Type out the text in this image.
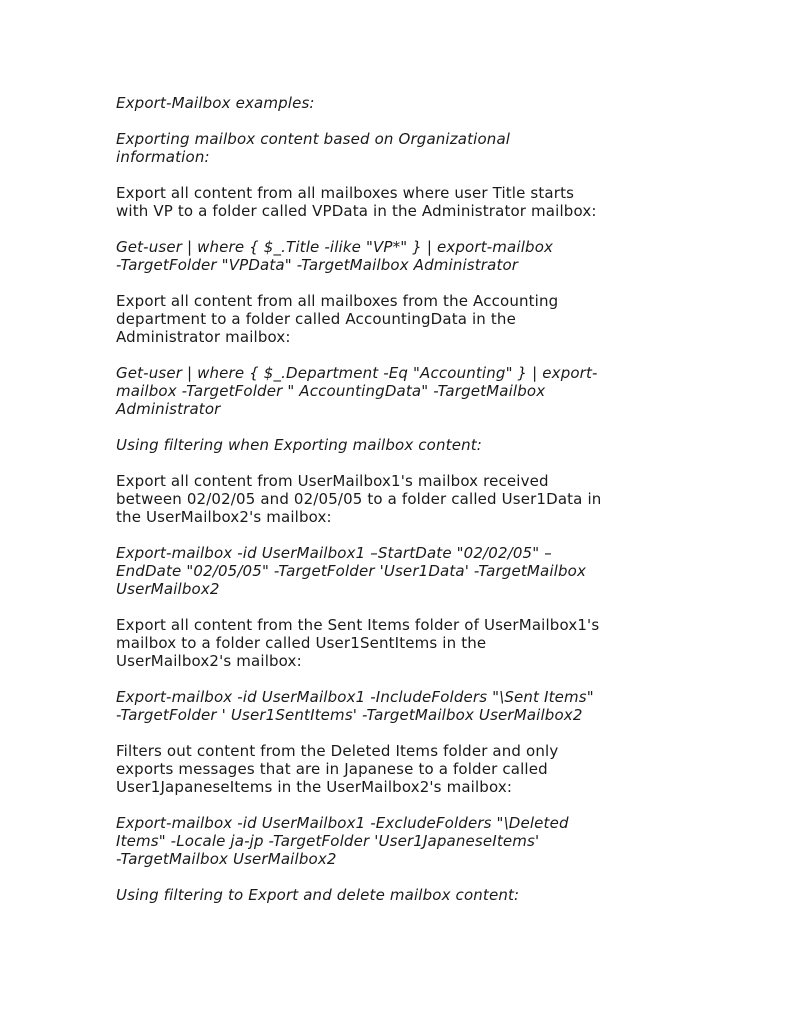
Export-Mailbox examples:

Exporting mailbox content based on Organizational
information:

Export all content from all mailboxes where user Title starts
with VP to a folder called VPData in the Administrator mailbox:

Get-user | where { $_.Title -ilike "VP*" } | export-mailbox
-TargetFolder "VPData" -TargetMailbox Administrator

Export all content from all mailboxes from the Accounting
department to a folder called AccountingData in the
Administrator mailbox:

Get-user | where { $_.Department -Eq "Accounting" } | export-
mailbox -TargetFolder " AccountingData" -TargetMailbox
Administrator

Using filtering when Exporting mailbox content:

Export all content from UserMailbox1's mailbox received
between 02/02/05 and 02/05/05 to a folder called User1Data in
the UserMailbox2's mailbox:

Export-mailbox -id UserMailbox1 –StartDate "02/02/05" –
EndDate "02/05/05" -TargetFolder 'User1Data' -TargetMailbox
UserMailbox2

Export all content from the Sent Items folder of UserMailbox1's
mailbox to a folder called User1SentItems in the
UserMailbox2's mailbox:

Export-mailbox -id UserMailbox1 -IncludeFolders "\Sent Items"
-TargetFolder ' User1SentItems' -TargetMailbox UserMailbox2

Filters out content from the Deleted Items folder and only
exports messages that are in Japanese to a folder called
User1JapaneseItems in the UserMailbox2's mailbox:

Export-mailbox -id UserMailbox1 -ExcludeFolders "\Deleted
Items" -Locale ja-jp -TargetFolder 'User1JapaneseItems'
-TargetMailbox UserMailbox2

Using filtering to Export and delete mailbox content:
